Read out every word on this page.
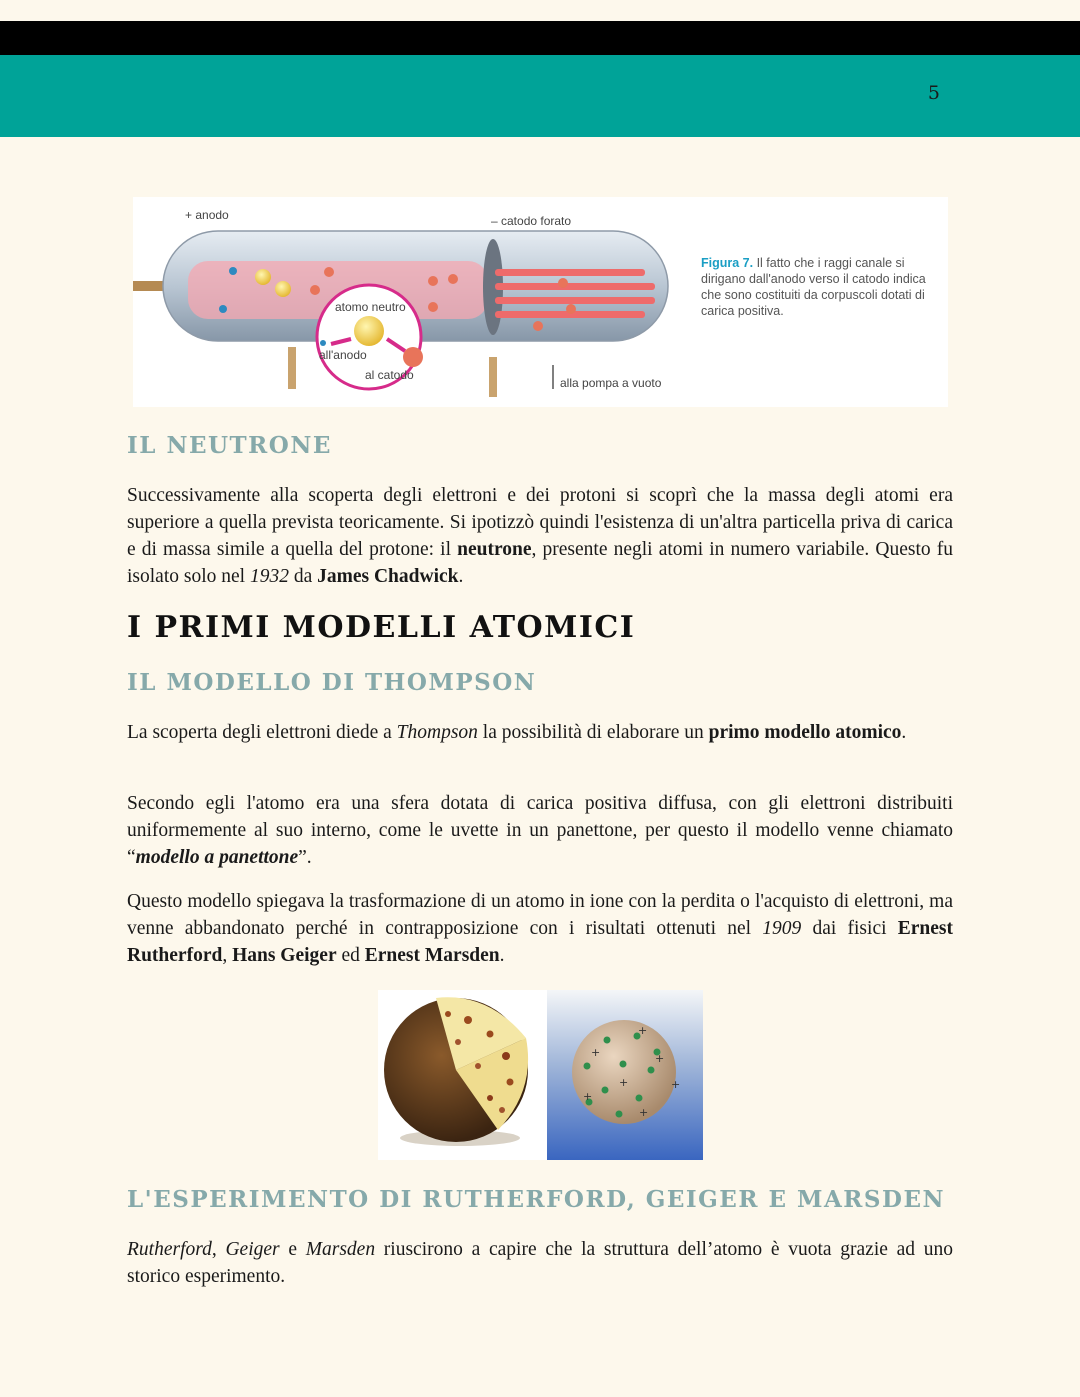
5
+ anodo	– catodo forato
atomo neutro
all'anodo
al catodo
alla pompa a vuoto
Figura 7. Il fatto che i raggi canale si dirigano dall'anodo verso il catodo indica che sono costituiti da corpuscoli dotati di carica positiva.
IL NEUTRONE

Successivamente alla scoperta degli elettroni e dei protoni si scoprì che la massa degli atomi era superiore a quella prevista teoricamente. Si ipotizzò quindi l'esistenza di un'altra particella priva di carica e di massa simile a quella del protone: il neutrone, presente negli atomi in numero variabile. Questo fu isolato solo nel 1932 da James Chadwick.

I PRIMI MODELLI ATOMICI
IL MODELLO DI THOMPSON

La scoperta degli elettroni diede a Thompson la possibilità di elaborare un primo modello atomico.

Secondo egli l'atomo era una sfera dotata di carica positiva diffusa, con gli elettroni distribuiti uniformemente al suo interno, come le uvette in un panettone, per questo il modello venne chiamato “modello a panettone”.

Questo modello spiegava la trasformazione di un atomo in ione con la perdita o l'acquisto di elettroni, ma venne abbandonato perché in contrapposizione con i risultati ottenuti nel 1909 dai fisici Ernest Rutherford, Hans Geiger ed Ernest Marsden.

+
+	+
+
+
+
+
L'ESPERIMENTO DI RUTHERFORD, GEIGER E MARSDEN

Rutherford, Geiger e Marsden riuscirono a capire che la struttura dell’atomo è vuota grazie ad uno storico esperimento.
